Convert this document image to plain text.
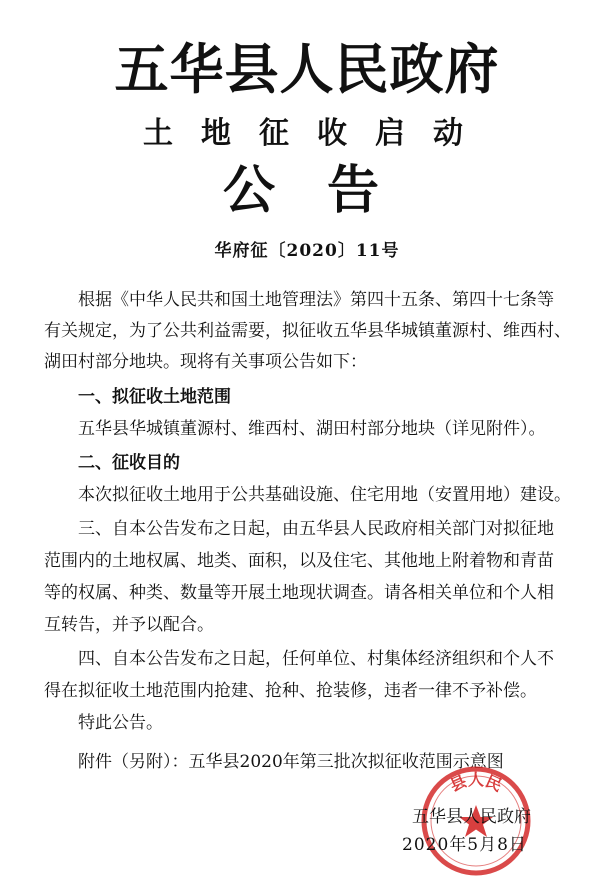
五华县人民政府
土地征收启动
公告
华府征〔2020〕11号
根据《中华人民共和国土地管理法》第四十五条、第四十七条等
有关规定，为了公共利益需要，拟征收五华县华城镇董源村、维西村、
湖田村部分地块。现将有关事项公告如下：
一、拟征收土地范围
五华县华城镇董源村、维西村、湖田村部分地块（详见附件）。
二、征收目的
本次拟征收土地用于公共基础设施、住宅用地（安置用地）建设。
三、自本公告发布之日起，由五华县人民政府相关部门对拟征地
范围内的土地权属、地类、面积，以及住宅、其他地上附着物和青苗
等的权属、种类、数量等开展土地现状调查。请各相关单位和个人相
互转告，并予以配合。
四、自本公告发布之日起，任何单位、村集体经济组织和个人不
得在拟征收土地范围内抢建、抢种、抢装修，违者一律不予补偿。
特此公告。
附件（另附）：五华县2020年第三批次拟征收范围示意图
县人民
五华县人民政府
2020年5月8日
